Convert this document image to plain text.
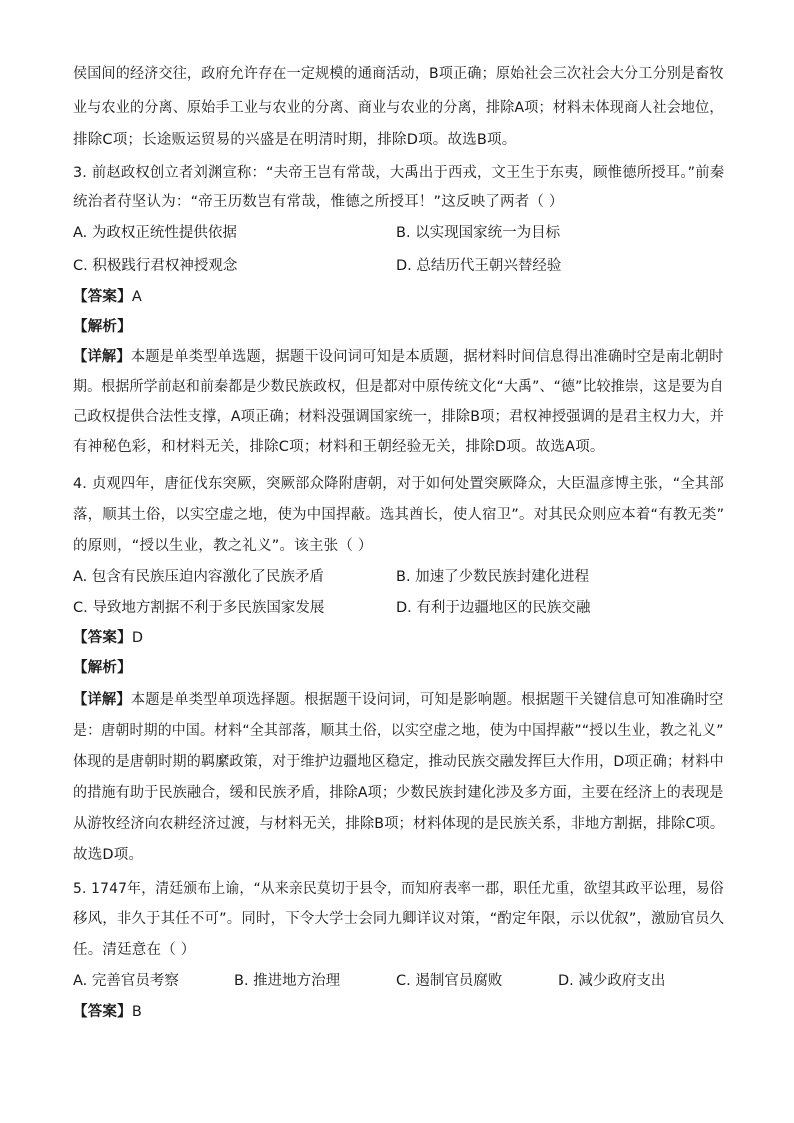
侯国间的经济交往，政府允许存在一定规模的通商活动，B项正确；原始社会三次社会大分工分别是畜牧
业与农业的分离、原始手工业与农业的分离、商业与农业的分离，排除A项；材料未体现商人社会地位，
排除C项；长途贩运贸易的兴盛是在明清时期，排除D项。故选B项。
3. 前赵政权创立者刘渊宣称：“夫帝王岂有常哉，大禹出于西戎，文王生于东夷，顾惟德所授耳。”前秦
统治者苻坚认为：“帝王历数岂有常哉，惟德之所授耳！”这反映了两者（ ）
A. 为政权正统性提供依据	B. 以实现国家统一为目标
C. 积极践行君权神授观念	D. 总结历代王朝兴替经验
【答案】A
【解析】
【详解】本题是单类型单选题，据题干设问词可知是本质题，据材料时间信息得出准确时空是南北朝时
期。根据所学前赵和前秦都是少数民族政权，但是都对中原传统文化“大禹”、“德”比较推崇，这是要为自
己政权提供合法性支撑，A项正确；材料没强调国家统一，排除B项；君权神授强调的是君主权力大，并
有神秘色彩，和材料无关，排除C项；材料和王朝经验无关，排除D项。故选A项。
4. 贞观四年，唐征伐东突厥，突厥部众降附唐朝，对于如何处置突厥降众，大臣温彦博主张，“全其部
落，顺其土俗，以实空虚之地，使为中国捍蔽。选其酋长，使人宿卫”。对其民众则应本着“有教无类”
的原则，“授以生业，教之礼义”。该主张（ ）
A. 包含有民族压迫内容激化了民族矛盾	B. 加速了少数民族封建化进程
C. 导致地方割据不利于多民族国家发展	D. 有利于边疆地区的民族交融
【答案】D
【解析】
【详解】本题是单类型单项选择题。根据题干设问词，可知是影响题。根据题干关键信息可知准确时空
是：唐朝时期的中国。材料“全其部落，顺其土俗，以实空虚之地，使为中国捍蔽”“授以生业，教之礼义”
体现的是唐朝时期的羁縻政策，对于维护边疆地区稳定，推动民族交融发挥巨大作用，D项正确；材料中
的措施有助于民族融合，缓和民族矛盾，排除A项；少数民族封建化涉及多方面，主要在经济上的表现是
从游牧经济向农耕经济过渡，与材料无关，排除B项；材料体现的是民族关系，非地方割据，排除C项。
故选D项。
5. 1747年，清廷颁布上谕，“从来亲民莫切于县令，而知府表率一郡，职任尤重，欲望其政平讼理，易俗
移风，非久于其任不可”。同时，下令大学士会同九卿详议对策，“酌定年限，示以优叙”，激励官员久
任。清廷意在（ ）
A. 完善官员考察	B. 推进地方治理	C. 遏制官员腐败	D. 减少政府支出
【答案】B
